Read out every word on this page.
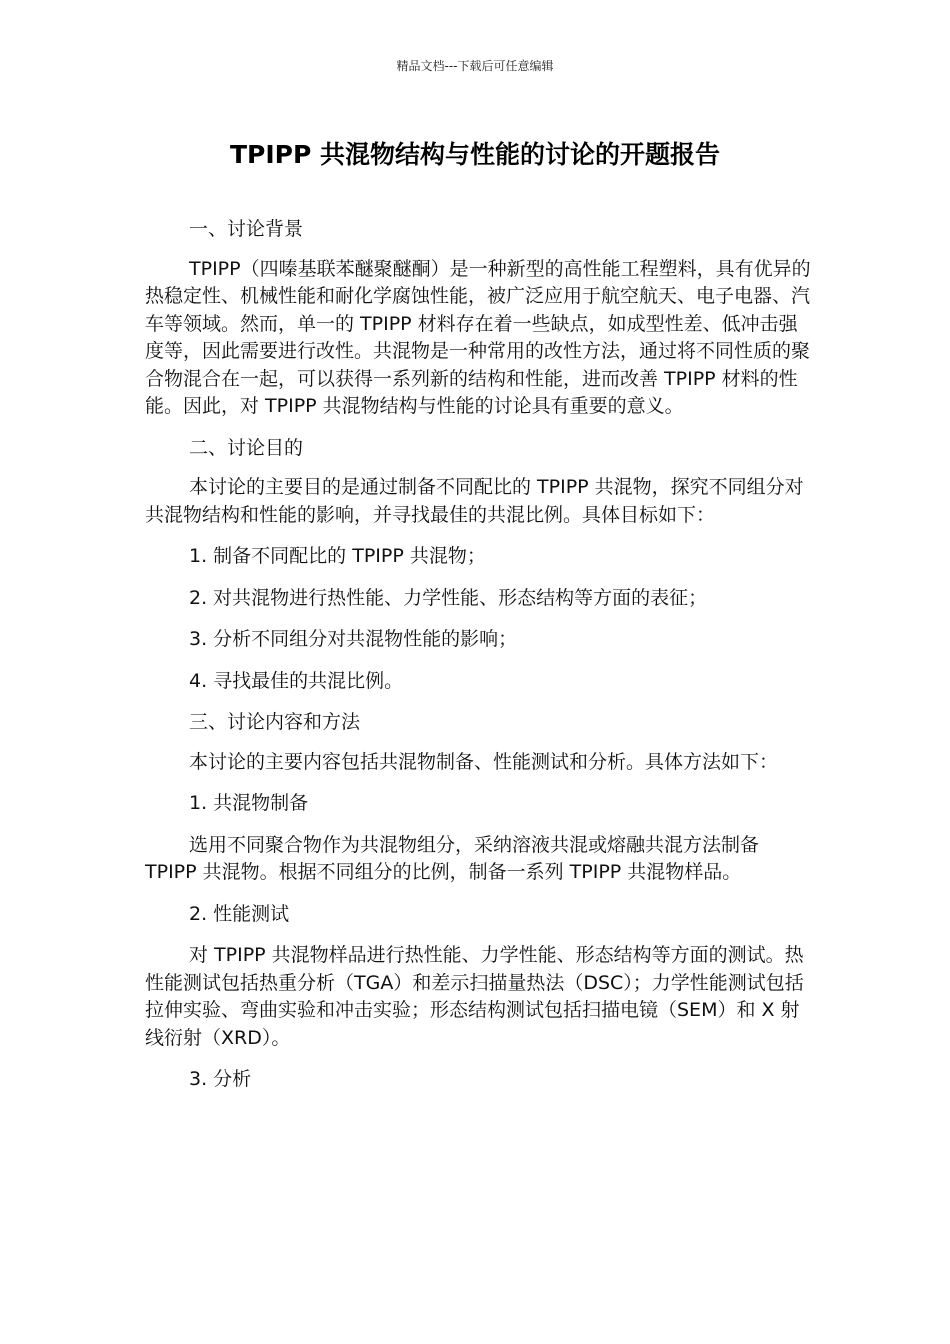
精品文档---下载后可任意编辑
TPIPP 共混物结构与性能的讨论的开题报告

一、讨论背景

TPIPP（四嗪基联苯醚聚醚酮）是一种新型的高性能工程塑料，具有优异的热稳定性、机械性能和耐化学腐蚀性能，被广泛应用于航空航天、电子电器、汽车等领域。然而，单一的 TPIPP 材料存在着一些缺点，如成型性差、低冲击强度等，因此需要进行改性。共混物是一种常用的改性方法，通过将不同性质的聚合物混合在一起，可以获得一系列新的结构和性能，进而改善 TPIPP 材料的性能。因此，对 TPIPP 共混物结构与性能的讨论具有重要的意义。

二、讨论目的

本讨论的主要目的是通过制备不同配比的 TPIPP 共混物，探究不同组分对共混物结构和性能的影响，并寻找最佳的共混比例。具体目标如下：

1. 制备不同配比的 TPIPP 共混物；

2. 对共混物进行热性能、力学性能、形态结构等方面的表征；

3. 分析不同组分对共混物性能的影响；

4. 寻找最佳的共混比例。

三、讨论内容和方法

本讨论的主要内容包括共混物制备、性能测试和分析。具体方法如下：

1. 共混物制备

选用不同聚合物作为共混物组分，采纳溶液共混或熔融共混方法制备 TPIPP 共混物。根据不同组分的比例，制备一系列 TPIPP 共混物样品。

2. 性能测试

对 TPIPP 共混物样品进行热性能、力学性能、形态结构等方面的测试。热性能测试包括热重分析（TGA）和差示扫描量热法（DSC）；力学性能测试包括拉伸实验、弯曲实验和冲击实验；形态结构测试包括扫描电镜（SEM）和 X 射线衍射（XRD）。

3. 分析
